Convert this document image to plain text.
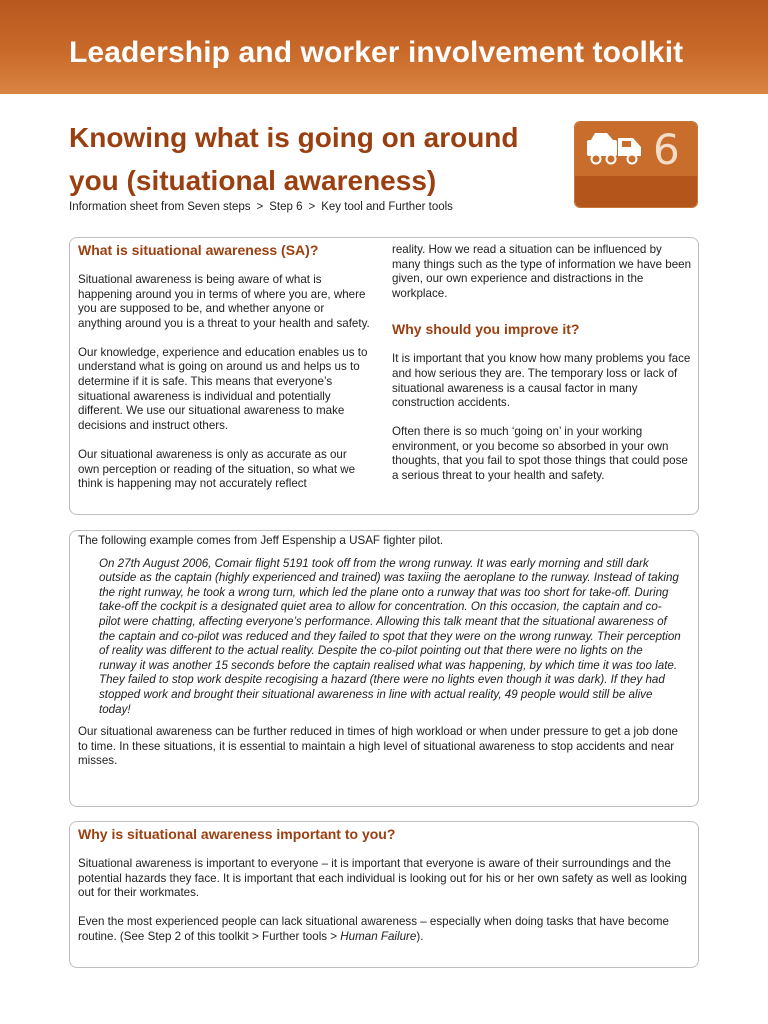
Leadership and worker involvement toolkit
Knowing what is going on around you (situational awareness)
Information sheet from Seven steps > Step 6 > Key tool and Further tools
6
What is situational awareness (SA)?

Situational awareness is being aware of what is happening around you in terms of where you are, where you are supposed to be, and whether anyone or anything around you is a threat to your health and safety.

Our knowledge, experience and education enables us to understand what is going on around us and helps us to determine if it is safe. This means that everyone’s situational awareness is individual and potentially different. We use our situational awareness to make decisions and instruct others.

Our situational awareness is only as accurate as our own perception or reading of the situation, so what we think is happening may not accurately reflect

reality. How we read a situation can be influenced by many things such as the type of information we have been given, our own experience and distractions in the workplace.

Why should you improve it?

It is important that you know how many problems you face and how serious they are. The temporary loss or lack of situational awareness is a causal factor in many construction accidents.

Often there is so much ‘going on’ in your working environment, or you become so absorbed in your own thoughts, that you fail to spot those things that could pose a serious threat to your health and safety.

The following example comes from Jeff Espenship a USAF fighter pilot.

On 27th August 2006, Comair flight 5191 took off from the wrong runway. It was early morning and still dark outside as the captain (highly experienced and trained) was taxiing the aeroplane to the runway. Instead of taking the right runway, he took a wrong turn, which led the plane onto a runway that was too short for take-off. During take-off the cockpit is a designated quiet area to allow for concentration. On this occasion, the captain and co-pilot were chatting, affecting everyone’s performance. Allowing this talk meant that the situational awareness of the captain and co-pilot was reduced and they failed to spot that they were on the wrong runway. Their perception of reality was different to the actual reality. Despite the co-pilot pointing out that there were no lights on the runway it was another 15 seconds before the captain realised what was happening, by which time it was too late. They failed to stop work despite recogising a hazard (there were no lights even though it was dark). If they had stopped work and brought their situational awareness in line with actual reality, 49 people would still be alive today!

Our situational awareness can be further reduced in times of high workload or when under pressure to get a job done to time. In these situations, it is essential to maintain a high level of situational awareness to stop accidents and near misses.

Why is situational awareness important to you?

Situational awareness is important to everyone – it is important that everyone is aware of their surroundings and the potential hazards they face. It is important that each individual is looking out for his or her own safety as well as looking out for their workmates.

Even the most experienced people can lack situational awareness – especially when doing tasks that have become routine. (See Step 2 of this toolkit > Further tools > Human Failure).
